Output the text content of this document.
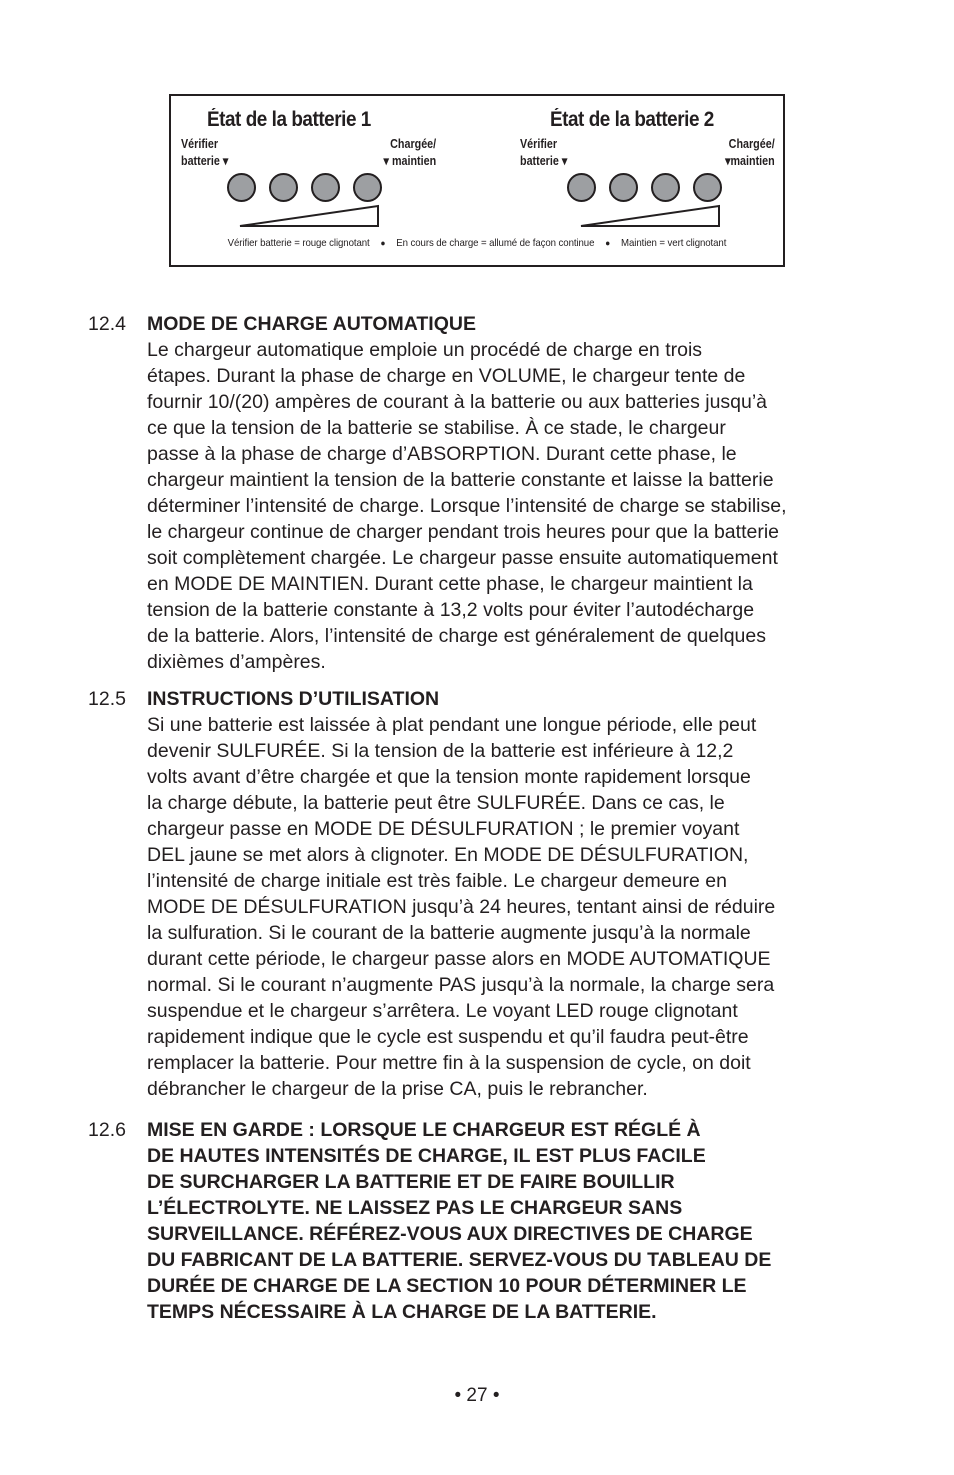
État de la batterie 1
Vérifier
batterie ▾
Chargée/
▾ maintien
État de la batterie 2
Vérifier
batterie ▾
Chargée/
▾maintien
Vérifier batterie = rouge clignotant ● En cours de charge = allumé de façon continue ● Maintien = vert clignotant
12.4 MODE DE CHARGE AUTOMATIQUE
Le chargeur automatique emploie un procédé de charge en trois
étapes. Durant la phase de charge en VOLUME, le chargeur tente de
fournir 10/(20) ampères de courant à la batterie ou aux batteries jusqu’à
ce que la tension de la batterie se stabilise. À ce stade, le chargeur
passe à la phase de charge d’ABSORPTION. Durant cette phase, le
chargeur maintient la tension de la batterie constante et laisse la batterie
déterminer l’intensité de charge. Lorsque l’intensité de charge se stabilise,
le chargeur continue de charger pendant trois heures pour que la batterie
soit complètement chargée. Le chargeur passe ensuite automatiquement
en MODE DE MAINTIEN. Durant cette phase, le chargeur maintient la
tension de la batterie constante à 13,2 volts pour éviter l’autodécharge
de la batterie. Alors, l’intensité de charge est généralement de quelques
dixièmes d’ampères.
12.5 INSTRUCTIONS D’UTILISATION
Si une batterie est laissée à plat pendant une longue période, elle peut
devenir SULFURÉE. Si la tension de la batterie est inférieure à 12,2
volts avant d’être chargée et que la tension monte rapidement lorsque
la charge débute, la batterie peut être SULFURÉE. Dans ce cas, le
chargeur passe en MODE DE DÉSULFURATION ; le premier voyant
DEL jaune se met alors à clignoter. En MODE DE DÉSULFURATION,
l’intensité de charge initiale est très faible. Le chargeur demeure en
MODE DE DÉSULFURATION jusqu’à 24 heures, tentant ainsi de réduire
la sulfuration. Si le courant de la batterie augmente jusqu’à la normale
durant cette période, le chargeur passe alors en MODE AUTOMATIQUE
normal. Si le courant n’augmente PAS jusqu’à la normale, la charge sera
suspendue et le chargeur s’arrêtera. Le voyant LED rouge clignotant
rapidement indique que le cycle est suspendu et qu’il faudra peut-être
remplacer la batterie. Pour mettre fin à la suspension de cycle, on doit
débrancher le chargeur de la prise CA, puis le rebrancher.
12.6 MISE EN GARDE : LORSQUE LE CHARGEUR EST RÉGLÉ À
DE HAUTES INTENSITÉS DE CHARGE, IL EST PLUS FACILE
DE SURCHARGER LA BATTERIE ET DE FAIRE BOUILLIR
L’ÉLECTROLYTE. NE LAISSEZ PAS LE CHARGEUR SANS
SURVEILLANCE. RÉFÉREZ-VOUS AUX DIRECTIVES DE CHARGE
DU FABRICANT DE LA BATTERIE. SERVEZ-VOUS DU TABLEAU DE
DURÉE DE CHARGE DE LA SECTION 10 POUR DÉTERMINER LE
TEMPS NÉCESSAIRE À LA CHARGE DE LA BATTERIE.
• 27 •
